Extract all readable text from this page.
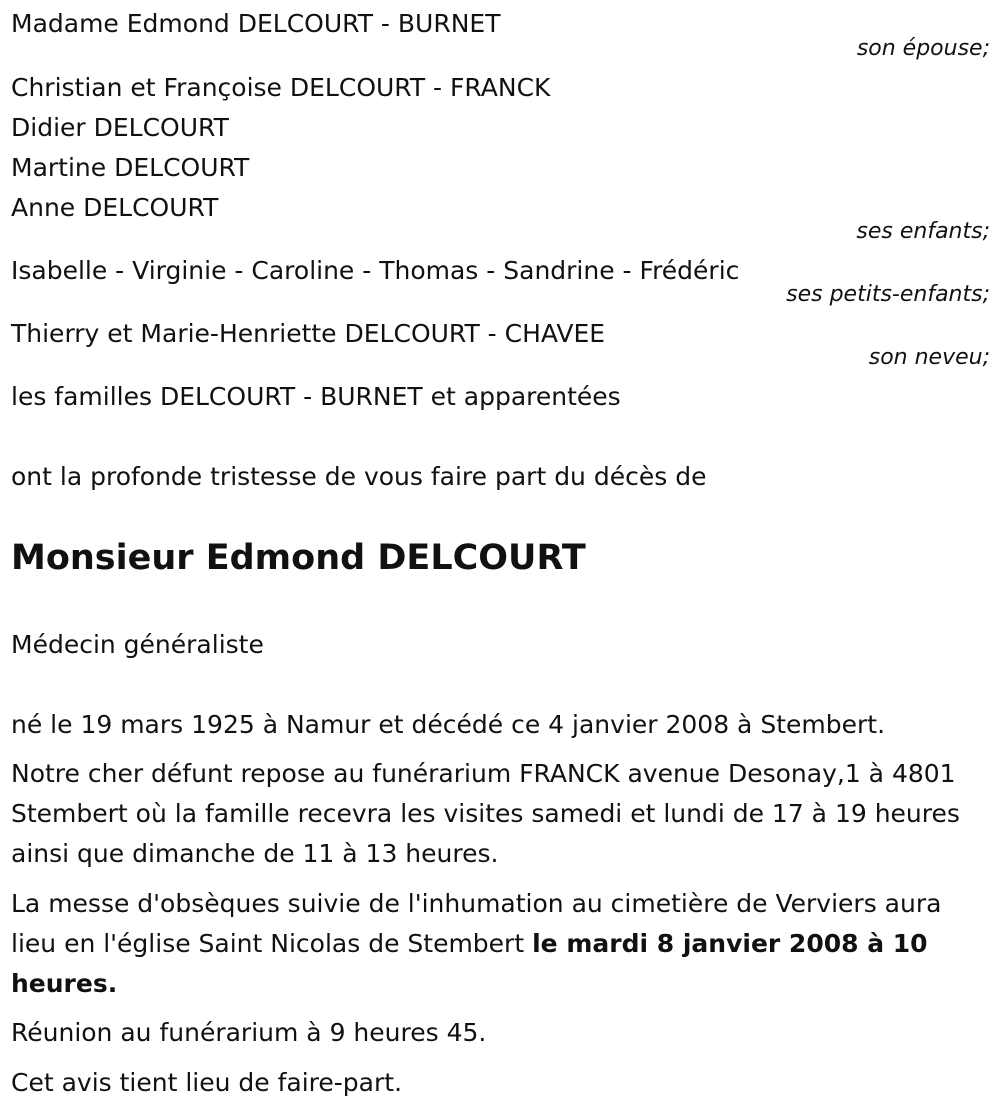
Madame Edmond DELCOURT - BURNET

son épouse;

Christian et Françoise DELCOURT - FRANCK

Didier DELCOURT

Martine DELCOURT

Anne DELCOURT

ses enfants;

Isabelle - Virginie - Caroline - Thomas - Sandrine - Frédéric

ses petits-enfants;

Thierry et Marie-Henriette DELCOURT - CHAVEE

son neveu;

les familles DELCOURT - BURNET et apparentées

ont la profonde tristesse de vous faire part du décès de

Monsieur Edmond DELCOURT

Médecin généraliste

né le 19 mars 1925 à Namur et décédé ce 4 janvier 2008 à Stembert.

Notre cher défunt repose au funérarium FRANCK avenue Desonay,1 à 4801 Stembert où la famille recevra les visites samedi et lundi de 17 à 19 heures ainsi que dimanche de 11 à 13 heures.

La messe d'obsèques suivie de l'inhumation au cimetière de Verviers aura lieu en l'église Saint Nicolas de Stembert le mardi 8 janvier 2008 à 10 heures.

Réunion au funérarium à 9 heures 45.

Cet avis tient lieu de faire-part.
